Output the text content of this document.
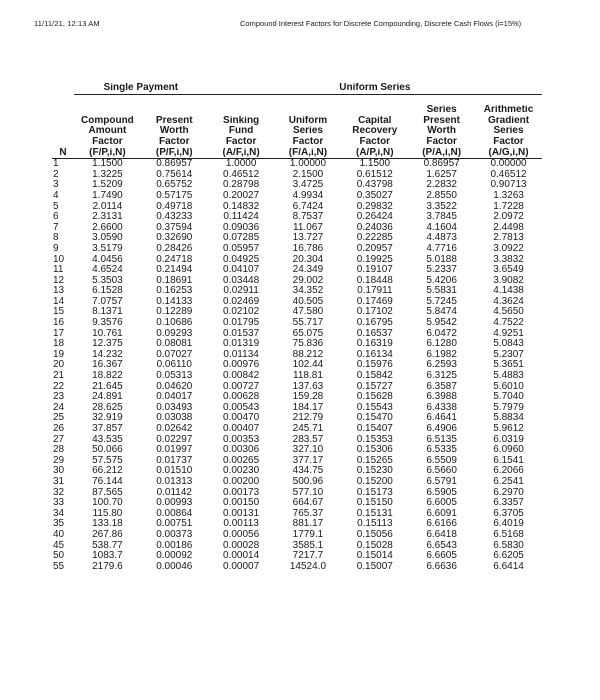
11/11/21, 12:13 AM	Compound Interest Factors for Discrete Compounding, Discrete Cash Flows (i=15%)
	Single Payment		Uniform Series				

						Series	Arithmetic
	Compound	Present	Sinking	Uniform	Capital	Present	Gradient
	Amount	Worth	Fund	Series	Recovery	Worth	Series
	Factor	Factor	Factor	Factor	Factor	Factor	Factor
N	(F/P,i,N)	(P/F,i,N)	(A/F,i,N)	(F/A,i,N)	(A/P,i,N)	(P/A,i,N)	(A/G,i,N)
1	1.1500	0.86957	1.0000	1.00000	1.1500	0.86957	0.00000
2	1.3225	0.75614	0.46512	2.1500	0.61512	1.6257	0.46512
3	1.5209	0.65752	0.28798	3.4725	0.43798	2.2832	0.90713
4	1.7490	0.57175	0.20027	4.9934	0.35027	2.8550	1.3263
5	2.0114	0.49718	0.14832	6.7424	0.29832	3.3522	1.7228
6	2.3131	0.43233	0.11424	8.7537	0.26424	3.7845	2.0972
7	2.6600	0.37594	0.09036	11.067	0.24036	4.1604	2.4498
8	3.0590	0.32690	0.07285	13.727	0.22285	4.4873	2.7813
9	3.5179	0.28426	0.05957	16.786	0.20957	4.7716	3.0922
10	4.0456	0.24718	0.04925	20.304	0.19925	5.0188	3.3832
11	4.6524	0.21494	0.04107	24.349	0.19107	5.2337	3.6549
12	5.3503	0.18691	0.03448	29.002	0.18448	5.4206	3.9082
13	6.1528	0.16253	0.02911	34.352	0.17911	5.5831	4.1438
14	7.0757	0.14133	0.02469	40.505	0.17469	5.7245	4.3624
15	8.1371	0.12289	0.02102	47.580	0.17102	5.8474	4.5650
16	9.3576	0.10686	0.01795	55.717	0.16795	5.9542	4.7522
17	10.761	0.09293	0.01537	65.075	0.16537	6.0472	4.9251
18	12.375	0.08081	0.01319	75.836	0.16319	6.1280	5.0843
19	14.232	0.07027	0.01134	88.212	0.16134	6.1982	5.2307
20	16.367	0.06110	0.00976	102.44	0.15976	6.2593	5.3651
21	18.822	0.05313	0.00842	118.81	0.15842	6.3125	5.4883
22	21.645	0.04620	0.00727	137.63	0.15727	6.3587	5.6010
23	24.891	0.04017	0.00628	159.28	0.15628	6.3988	5.7040
24	28.625	0.03493	0.00543	184.17	0.15543	6.4338	5.7979
25	32.919	0.03038	0.00470	212.79	0.15470	6.4641	5.8834
26	37.857	0.02642	0.00407	245.71	0.15407	6.4906	5.9612
27	43.535	0.02297	0.00353	283.57	0.15353	6.5135	6.0319
28	50.066	0.01997	0.00306	327.10	0.15306	6.5335	6.0960
29	57.575	0.01737	0.00265	377.17	0.15265	6.5509	6.1541
30	66.212	0.01510	0.00230	434.75	0.15230	6.5660	6.2066
31	76.144	0.01313	0.00200	500.96	0.15200	6.5791	6.2541
32	87.565	0.01142	0.00173	577.10	0.15173	6.5905	6.2970
33	100.70	0.00993	0.00150	664.67	0.15150	6.6005	6.3357
34	115.80	0.00864	0.00131	765.37	0.15131	6.6091	6.3705
35	133.18	0.00751	0.00113	881.17	0.15113	6.6166	6.4019
40	267.86	0.00373	0.00056	1779.1	0.15056	6.6418	6.5168
45	538.77	0.00186	0.00028	3585.1	0.15028	6.6543	6.5830
50	1083.7	0.00092	0.00014	7217.7	0.15014	6.6605	6.6205
55	2179.6	0.00046	0.00007	14524.0	0.15007	6.6636	6.6414
